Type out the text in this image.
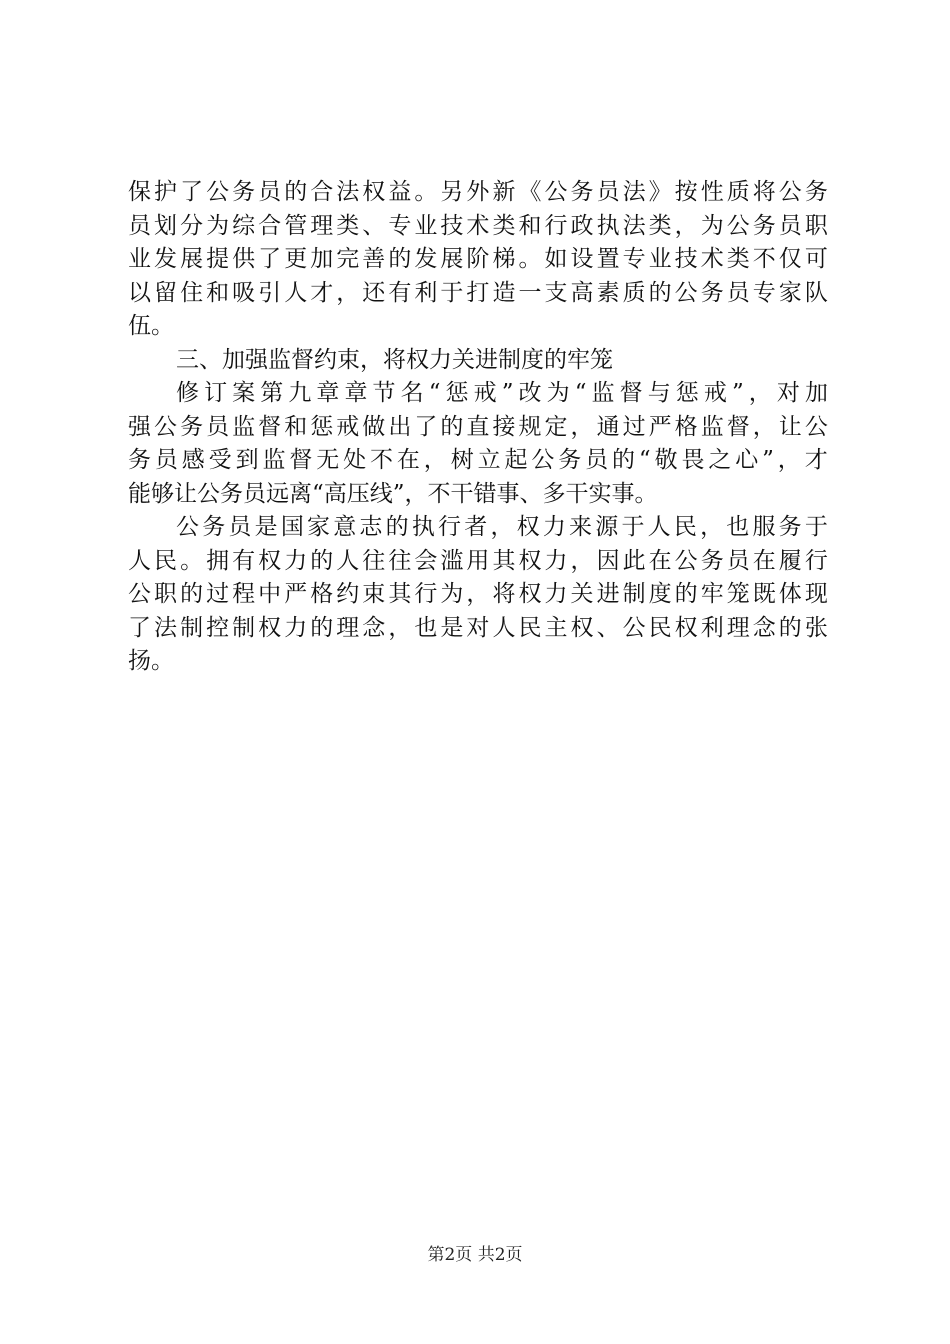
保 护 了 公 务 员 的 合 法 权 益 。 另 外 新 《 公 务 员 法 》 按 性 质 将 公 务
员 划 分 为 综 合 管 理 类 、 专 业 技 术 类 和 行 政 执 法 类 ， 为 公 务 员 职
业 发 展 提 供 了 更 加 完 善 的 发 展 阶 梯 。 如 设 置 专 业 技 术 类 不 仅 可
以 留 住 和 吸 引 人 才 ， 还 有 利 于 打 造 一 支 高 素 质 的 公 务 员 专 家 队
伍。
三、加强监督约束，将权力关进制度的牢笼
修 订 案 第 九 章 章 节 名 “ 惩 戒 ” 改 为 “ 监 督 与 惩 戒 ” ， 对 加
强 公 务 员 监 督 和 惩 戒 做 出 了 的 直 接 规 定 ， 通 过 严 格 监 督 ， 让 公
务 员 感 受 到 监 督 无 处 不 在 ， 树 立 起 公 务 员 的 “ 敬 畏 之 心 ” ， 才
能够让公务员远离“高压线”，不干错事、多干实事。
公 务 员 是 国 家 意 志 的 执 行 者 ， 权 力 来 源 于 人 民 ， 也 服 务 于
人 民 。 拥 有 权 力 的 人 往 往 会 滥 用 其 权 力 ， 因 此 在 公 务 员 在 履 行
公 职 的 过 程 中 严 格 约 束 其 行 为 ， 将 权 力 关 进 制 度 的 牢 笼 既 体 现
了 法 制 控 制 权 力 的 理 念 ， 也 是 对 人 民 主 权 、 公 民 权 利 理 念 的 张
扬。
第2页 共2页
